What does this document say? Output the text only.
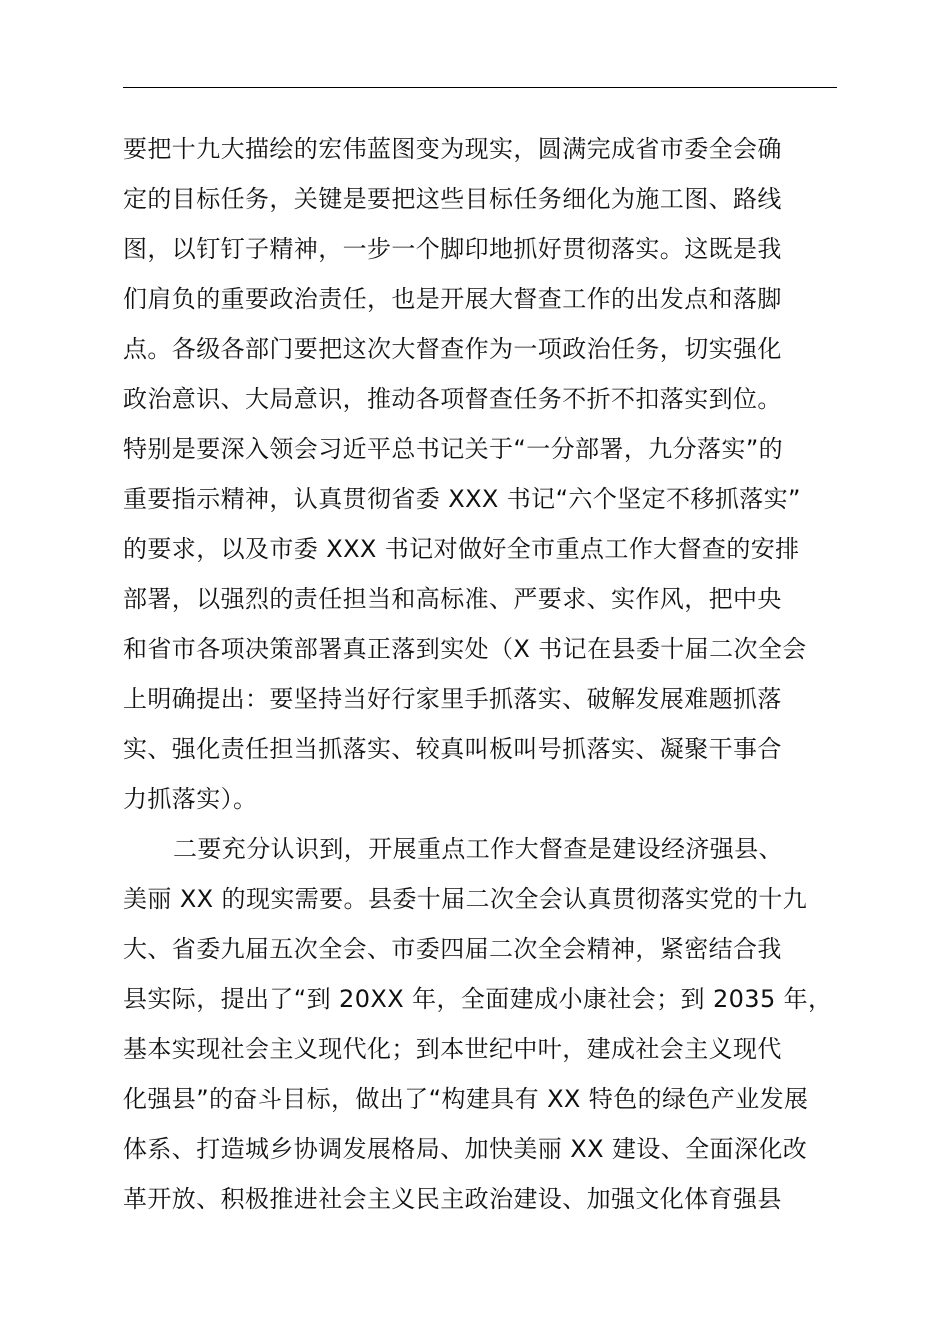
要把十九大描绘的宏伟蓝图变为现实，圆满完成省市委全会确
定的目标任务，关键是要把这些目标任务细化为施工图、路线
图，以钉钉子精神，一步一个脚印地抓好贯彻落实。这既是我
们肩负的重要政治责任，也是开展大督查工作的出发点和落脚
点。各级各部门要把这次大督查作为一项政治任务，切实强化
政治意识、大局意识，推动各项督查任务不折不扣落实到位。
特别是要深入领会习近平总书记关于“一分部署，九分落实”的
重要指示精神，认真贯彻省委 XXX 书记“六个坚定不移抓落实”
的要求，以及市委 XXX 书记对做好全市重点工作大督查的安排
部署，以强烈的责任担当和高标准、严要求、实作风，把中央
和省市各项决策部署真正落到实处（X 书记在县委十届二次全会
上明确提出：要坚持当好行家里手抓落实、破解发展难题抓落
实、强化责任担当抓落实、较真叫板叫号抓落实、凝聚干事合
力抓落实）。
二要充分认识到，开展重点工作大督查是建设经济强县、
美丽 XX 的现实需要。县委十届二次全会认真贯彻落实党的十九
大、省委九届五次全会、市委四届二次全会精神，紧密结合我
县实际，提出了“到 20XX 年，全面建成小康社会；到 2035 年，
基本实现社会主义现代化；到本世纪中叶，建成社会主义现代
化强县”的奋斗目标，做出了“构建具有 XX 特色的绿色产业发展
体系、打造城乡协调发展格局、加快美丽 XX 建设、全面深化改
革开放、积极推进社会主义民主政治建设、加强文化体育强县
